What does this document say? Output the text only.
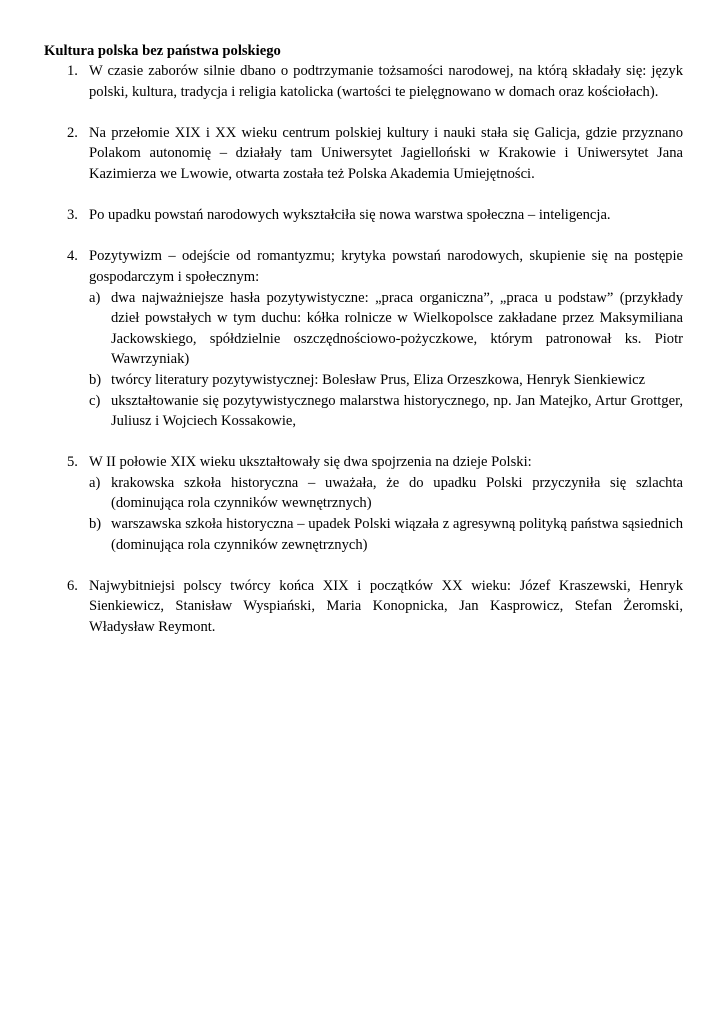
Kultura polska bez państwa polskiego
1. W czasie zaborów silnie dbano o podtrzymanie tożsamości narodowej, na którą składały się: język polski, kultura, tradycja i religia katolicka (wartości te pielęgnowano w domach oraz kościołach).
2. Na przełomie XIX i XX wieku centrum polskiej kultury i nauki stała się Galicja, gdzie przyznano Polakom autonomię – działały tam Uniwersytet Jagielloński w Krakowie i Uniwersytet Jana Kazimierza we Lwowie, otwarta została też Polska Akademia Umiejętności.
3. Po upadku powstań narodowych wykształciła się nowa warstwa społeczna – inteligencja.
4. Pozytywizm – odejście od romantyzmu; krytyka powstań narodowych, skupienie się na postępie gospodarczym i społecznym:
a) dwa najważniejsze hasła pozytywistyczne: „praca organiczna”, „praca u podstaw” (przykłady dzieł powstałych w tym duchu: kółka rolnicze w Wielkopolsce zakładane przez Maksymiliana Jackowskiego, spółdzielnie oszczędnościowo-pożyczkowe, którym patronował ks. Piotr Wawrzyniak)
b) twórcy literatury pozytywistycznej: Bolesław Prus, Eliza Orzeszkowa, Henryk Sienkiewicz
c) ukształtowanie się pozytywistycznego malarstwa historycznego, np. Jan Matejko, Artur Grottger, Juliusz i Wojciech Kossakowie,
5. W II połowie XIX wieku ukształtowały się dwa spojrzenia na dzieje Polski:
a) krakowska szkoła historyczna – uważała, że do upadku Polski przyczyniła się szlachta (dominująca rola czynników wewnętrznych)
b) warszawska szkoła historyczna – upadek Polski wiązała z agresywną polityką państwa sąsiednich (dominująca rola czynników zewnętrznych)
6. Najwybitniejsi polscy twórcy końca XIX i początków XX wieku: Józef Kraszewski, Henryk Sienkiewicz, Stanisław Wyspiański, Maria Konopnicka, Jan Kasprowicz, Stefan Żeromski, Władysław Reymont.
